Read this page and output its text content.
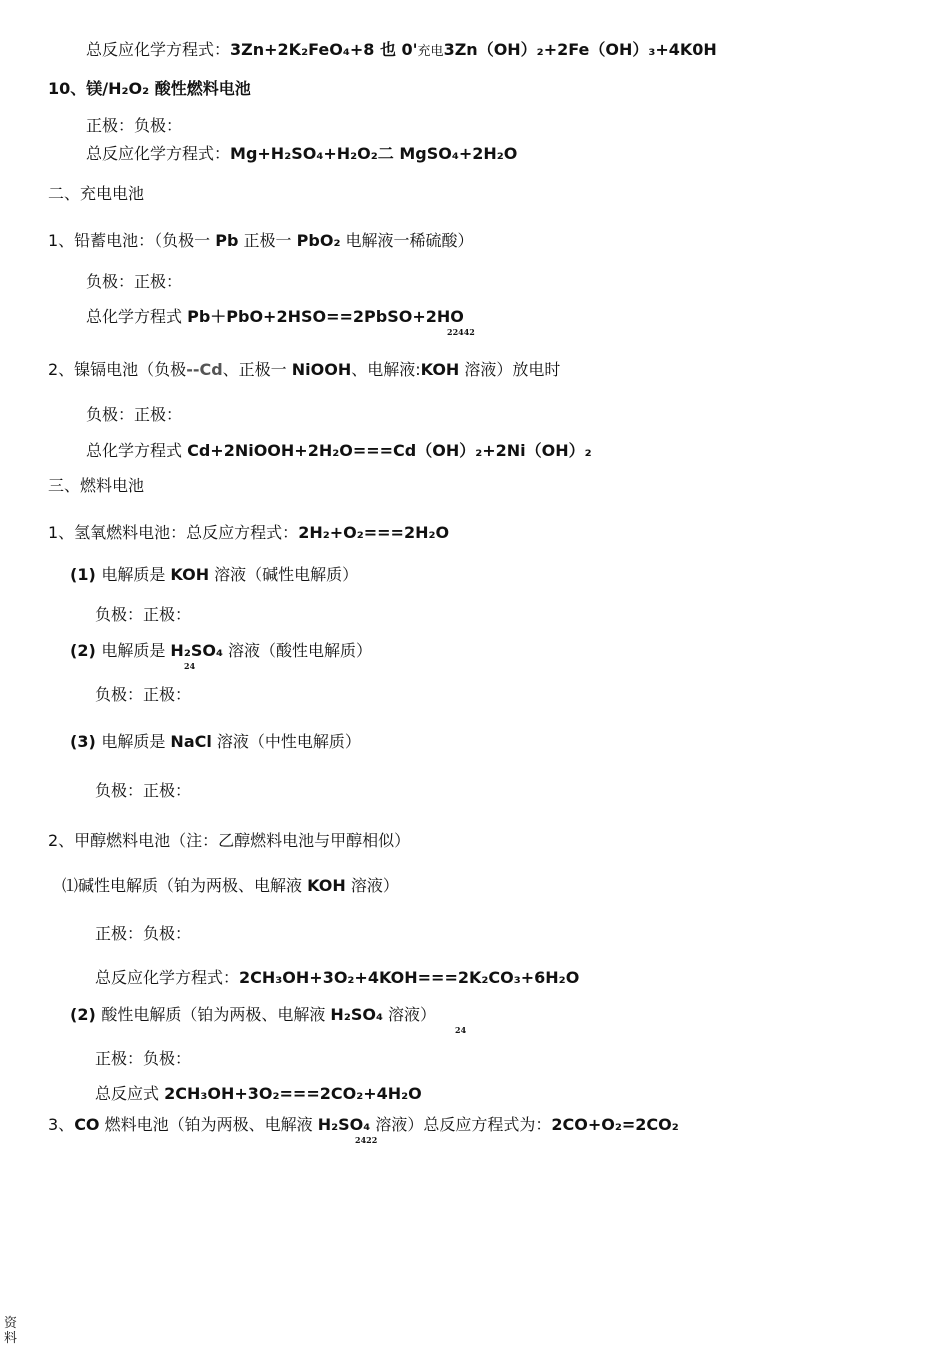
总反应化学方程式：3Zn+2K₂FeO₄+8 也 0'充电3Zn（OH）₂+2Fe（OH）₃+4K0H
10、镁/H₂O₂ 酸性燃料电池
正极：负极：
总反应化学方程式：Mg+H₂SO₄+H₂O₂二 MgSO₄+2H₂O
二、充电电池
1、铅蓄电池：（负极一 Pb 正极一 PbO₂ 电解液一稀硫酸）
负极：正极：
总化学方程式 Pb＋PbO+2HSO==2PbSO+2HO
22442
2、镍镉电池（负极--Cd、正极一 NiOOH、电解液:KOH 溶液）放电时
负极：正极：
总化学方程式 Cd+2NiOOH+2H₂O===Cd（OH）₂+2Ni（OH）₂
三、燃料电池
1、氢氧燃料电池：总反应方程式：2H₂+O₂===2H₂O
(1) 电解质是 KOH 溶液（碱性电解质）
负极：正极：
(2) 电解质是 H₂SO₄ 溶液（酸性电解质）
24
负极：正极：
(3) 电解质是 NaCl 溶液（中性电解质）
负极：正极：
2、甲醇燃料电池（注：乙醇燃料电池与甲醇相似）
⑴碱性电解质（铂为两极、电解液 KOH 溶液）
正极：负极：
总反应化学方程式：2CH₃OH+3O₂+4KOH===2K₂CO₃+6H₂O
(2) 酸性电解质（铂为两极、电解液 H₂SO₄ 溶液）
24
正极：负极：
总反应式 2CH₃OH+3O₂===2CO₂+4H₂O
3、CO 燃料电池（铂为两极、电解液 H₂SO₄ 溶液）总反应方程式为：2CO+O₂=2CO₂
2422
资料
